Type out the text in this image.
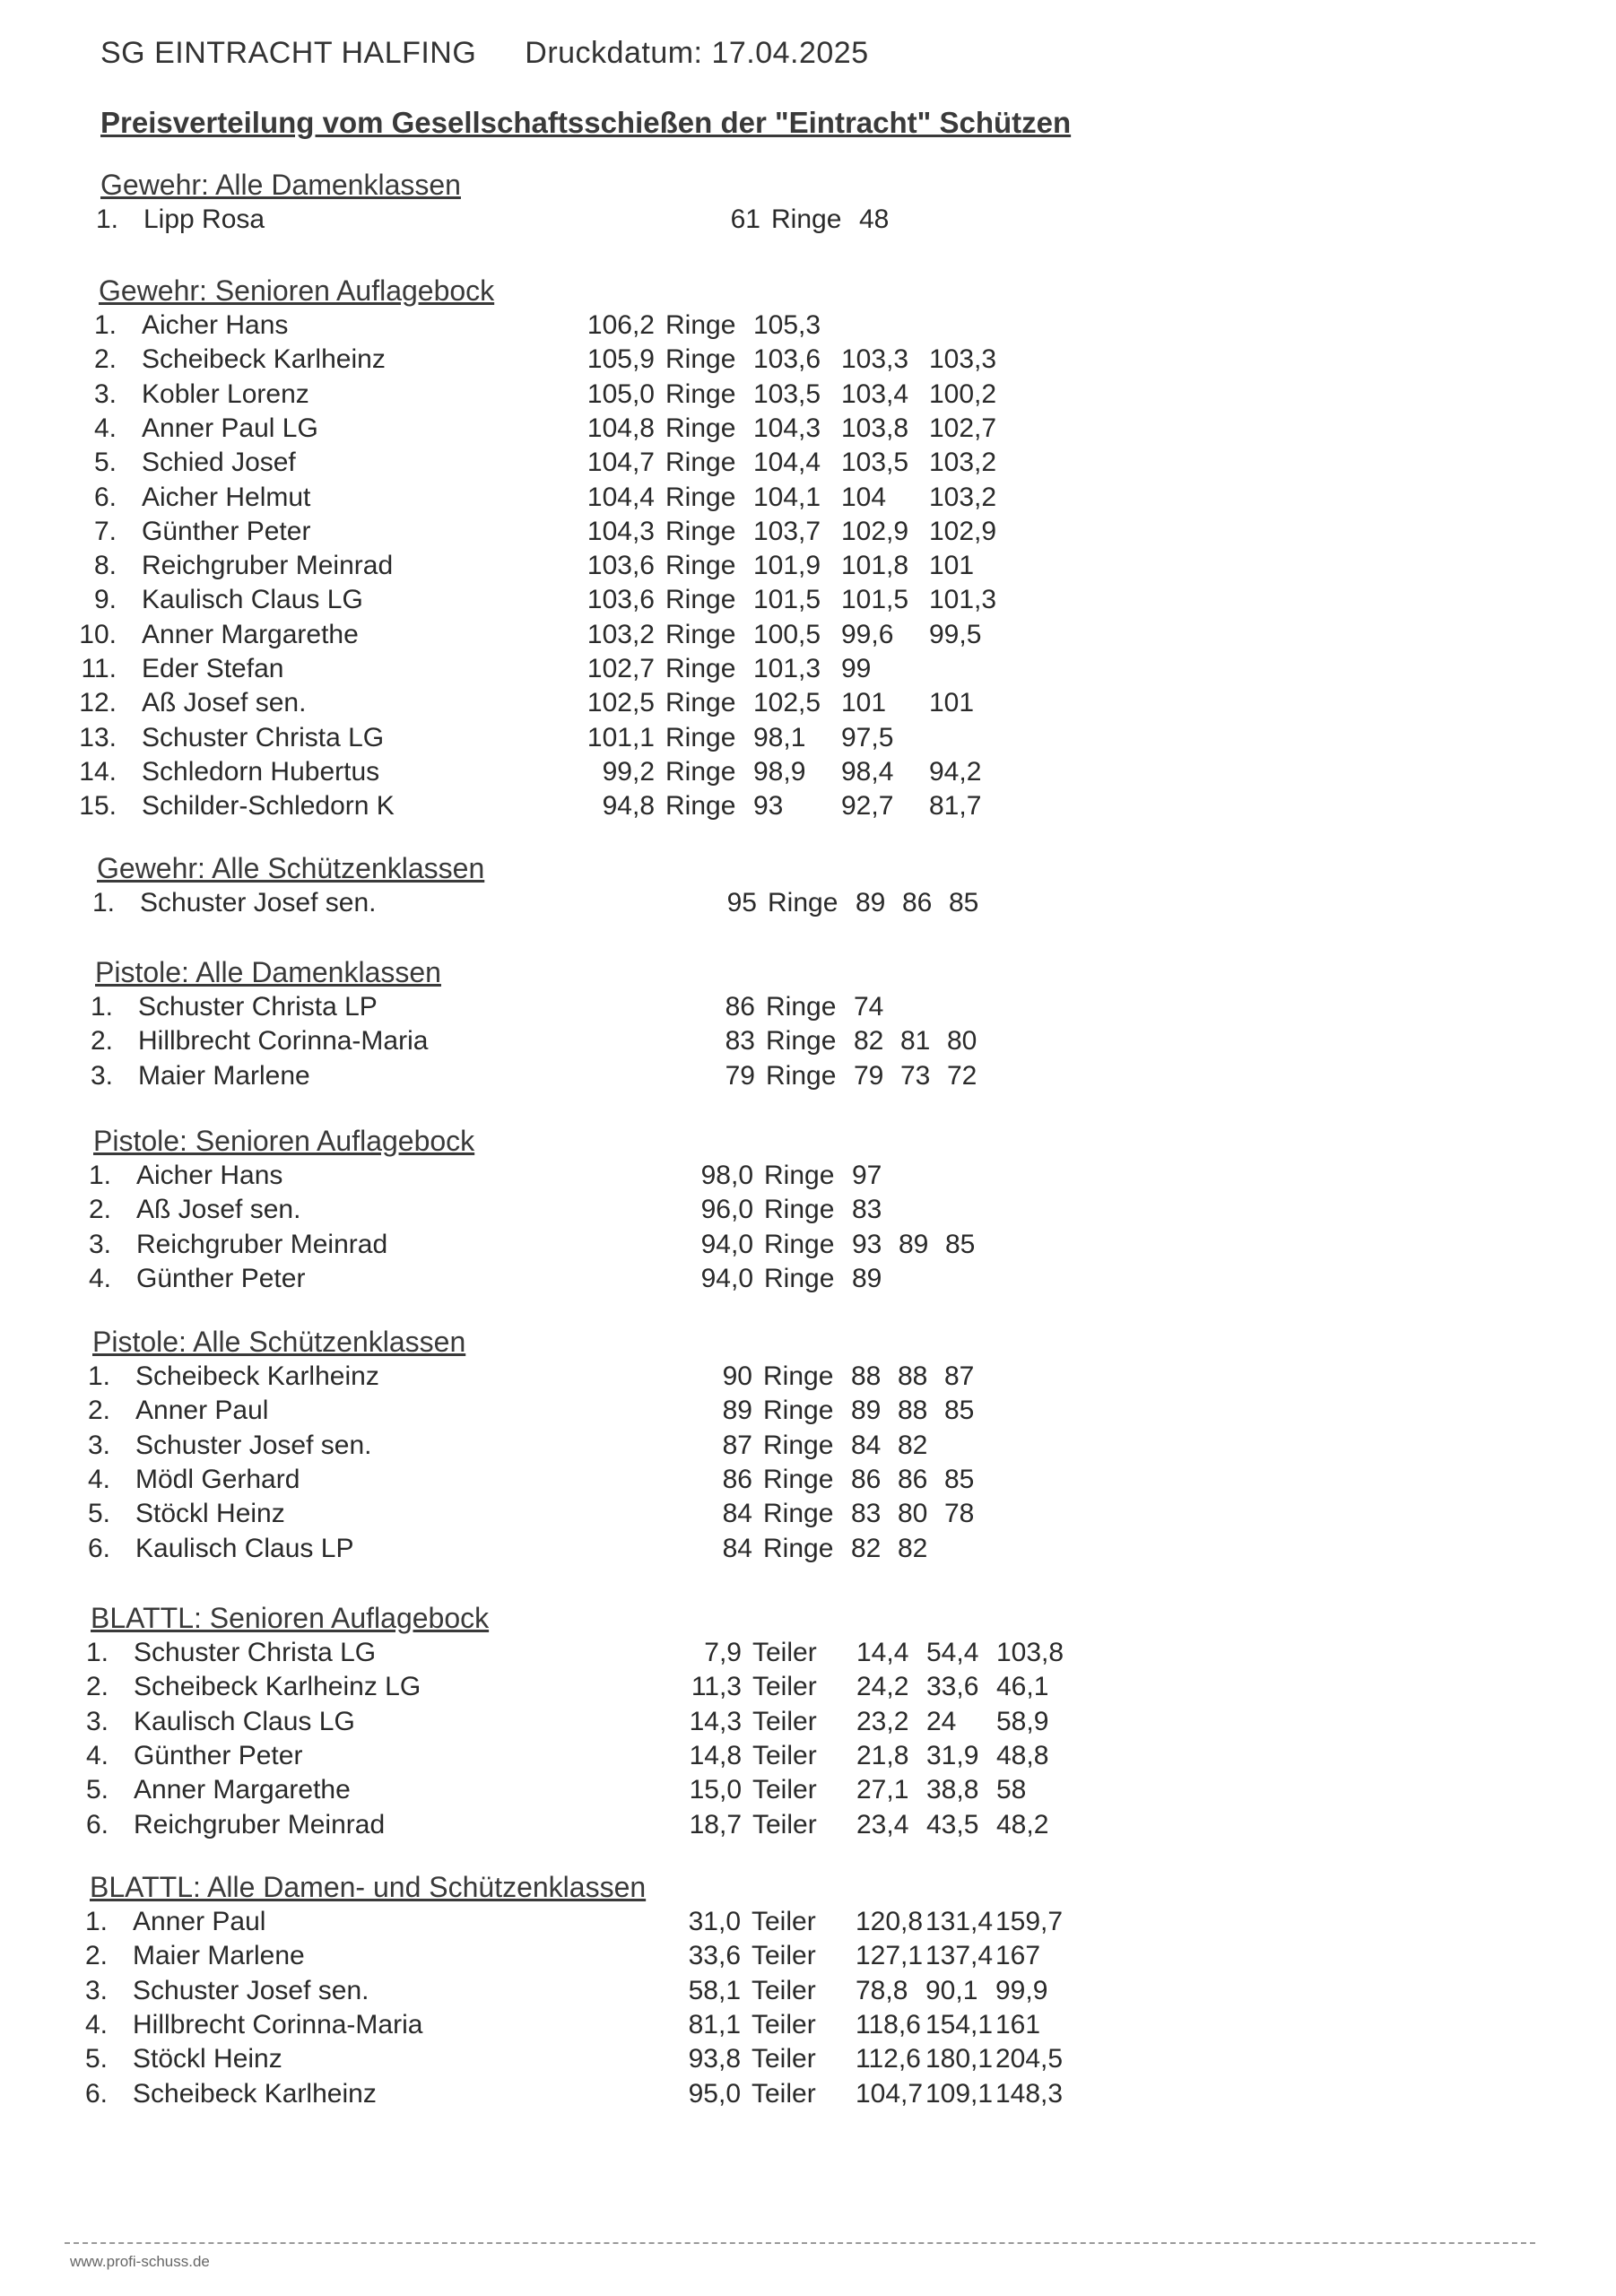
SG EINTRACHT HALFING Druckdatum: 17.04.2025
Preisverteilung vom Gesellschaftsschießen der "Eintracht" Schützen
Gewehr: Alle Damenklassen
1. Lipp Rosa	61 Ringe 48
Gewehr: Senioren Auflagebock
1. Aicher Hans	106,2 Ringe 105,3
2. Scheibeck Karlheinz	105,9 Ringe 103,6 103,3 103,3
3. Kobler Lorenz	105,0 Ringe 103,5 103,4 100,2
4. Anner Paul LG	104,8 Ringe 104,3 103,8 102,7
5. Schied Josef	104,7 Ringe 104,4 103,5 103,2
6. Aicher Helmut	104,4 Ringe 104,1 104 103,2
7. Günther Peter	104,3 Ringe 103,7 102,9 102,9
8. Reichgruber Meinrad	103,6 Ringe 101,9 101,8 101
9. Kaulisch Claus LG	103,6 Ringe 101,5 101,5 101,3
10. Anner Margarethe	103,2 Ringe 100,5 99,6 99,5
11. Eder Stefan	102,7 Ringe 101,3 99
12. Aß Josef sen.	102,5 Ringe 102,5 101 101
13. Schuster Christa LG	101,1 Ringe 98,1 97,5
14. Schledorn Hubertus	99,2 Ringe 98,9 98,4 94,2
15. Schilder-Schledorn K	94,8 Ringe 93 92,7 81,7
Gewehr: Alle Schützenklassen
1. Schuster Josef sen.	95 Ringe 89 86 85
Pistole: Alle Damenklassen
1. Schuster Christa LP	86 Ringe 74
2. Hillbrecht Corinna-Maria	83 Ringe 82 81 80
3. Maier Marlene	79 Ringe 79 73 72
Pistole: Senioren Auflagebock
1. Aicher Hans	98,0 Ringe 97
2. Aß Josef sen.	96,0 Ringe 83
3. Reichgruber Meinrad	94,0 Ringe 93 89 85
4. Günther Peter	94,0 Ringe 89
Pistole: Alle Schützenklassen
1. Scheibeck Karlheinz	90 Ringe 88 88 87
2. Anner Paul	89 Ringe 89 88 85
3. Schuster Josef sen.	87 Ringe 84 82
4. Mödl Gerhard	86 Ringe 86 86 85
5. Stöckl Heinz	84 Ringe 83 80 78
6. Kaulisch Claus LP	84 Ringe 82 82
BLATTL: Senioren Auflagebock
1. Schuster Christa LG	7,9 Teiler 14,4 54,4 103,8
2. Scheibeck Karlheinz LG	11,3 Teiler 24,2 33,6 46,1
3. Kaulisch Claus LG	14,3 Teiler 23,2 24 58,9
4. Günther Peter	14,8 Teiler 21,8 31,9 48,8
5. Anner Margarethe	15,0 Teiler 27,1 38,8 58
6. Reichgruber Meinrad	18,7 Teiler 23,4 43,5 48,2
BLATTL: Alle Damen- und Schützenklassen
1. Anner Paul	31,0 Teiler 120,8 131,4 159,7
2. Maier Marlene	33,6 Teiler 127,1 137,4 167
3. Schuster Josef sen.	58,1 Teiler 78,8 90,1 99,9
4. Hillbrecht Corinna-Maria	81,1 Teiler 118,6 154,1 161
5. Stöckl Heinz	93,8 Teiler 112,6 180,1 204,5
6. Scheibeck Karlheinz	95,0 Teiler 104,7 109,1 148,3
www.profi-schuss.de
